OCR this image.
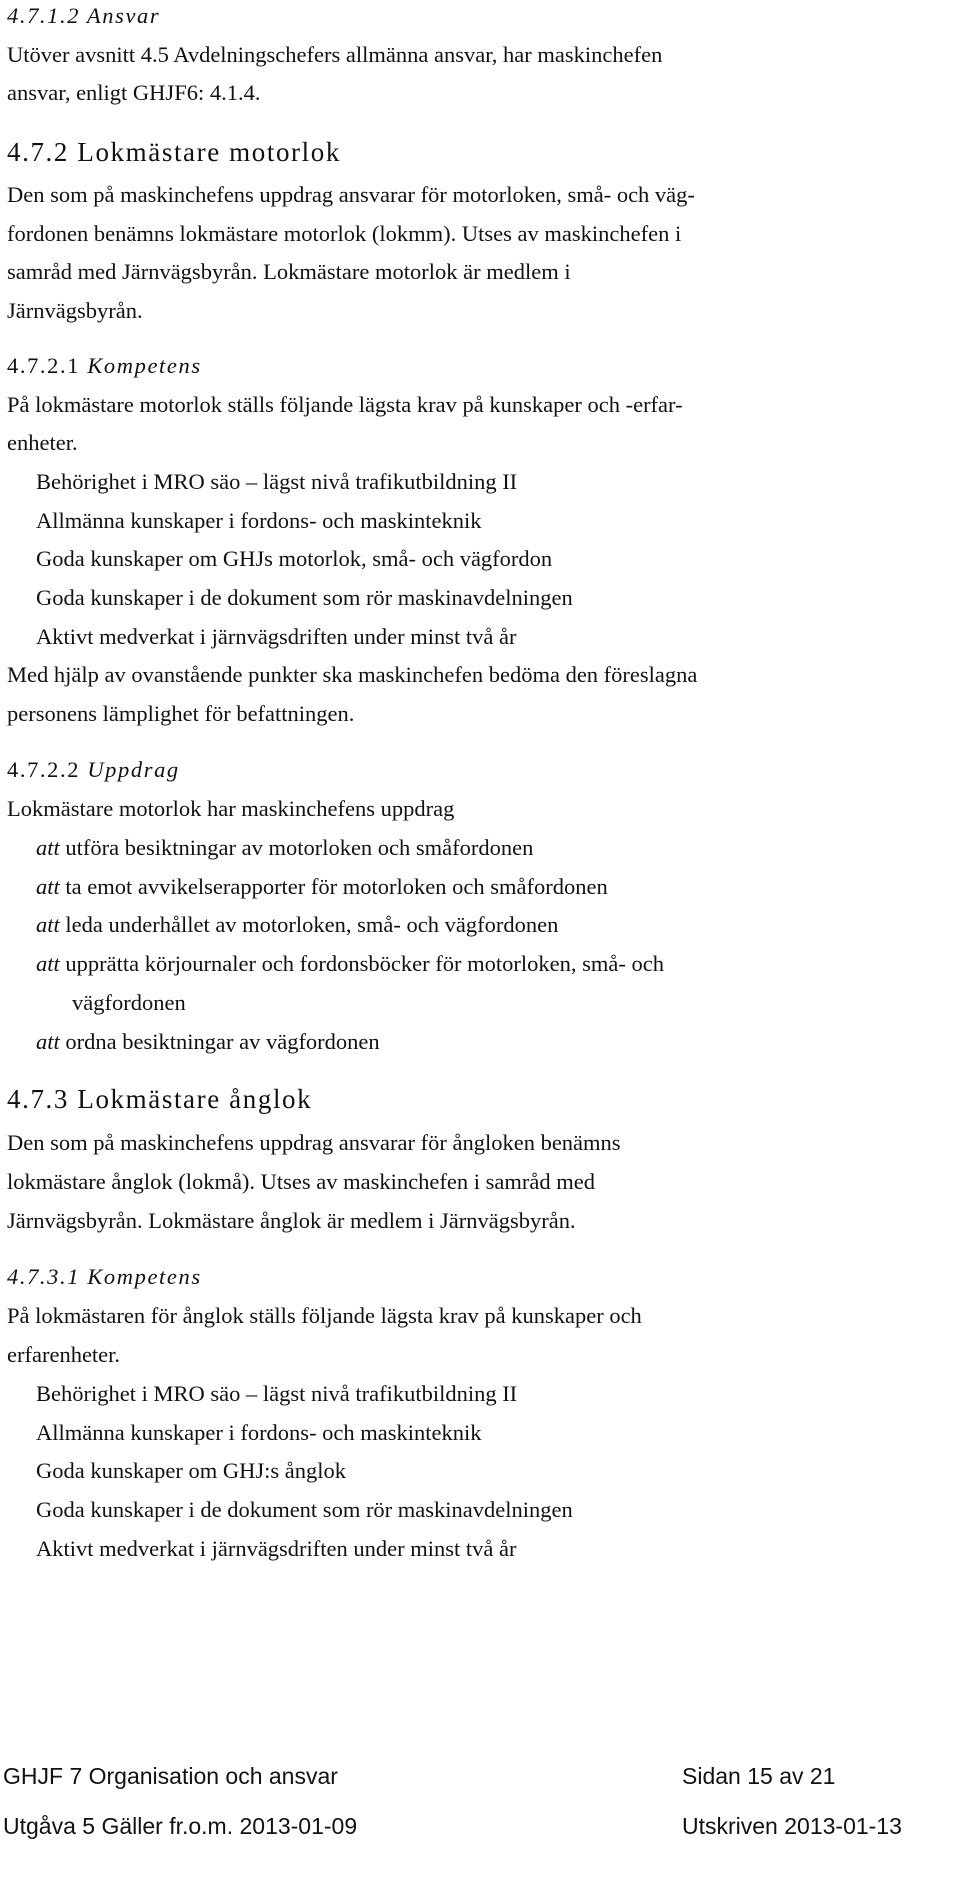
4.7.1.2 Ansvar
Utöver avsnitt 4.5 Avdelningschefers allmänna ansvar, har maskinchefen
ansvar, enligt GHJF6: 4.1.4.
4.7.2 Lokmästare motorlok
Den som på maskinchefens uppdrag ansvarar för motorloken, små- och väg-
fordonen benämns lokmästare motorlok (lokmm). Utses av maskinchefen i
samråd med Järnvägsbyrån. Lokmästare motorlok är medlem i
Järnvägsbyrån.
4.7.2.1 Kompetens
På lokmästare motorlok ställs följande lägsta krav på kunskaper och -erfar-
enheter.
Behörighet i MRO säo – lägst nivå trafikutbildning II
Allmänna kunskaper i fordons- och maskinteknik
Goda kunskaper om GHJs motorlok, små- och vägfordon
Goda kunskaper i de dokument som rör maskinavdelningen
Aktivt medverkat i järnvägsdriften under minst två år
Med hjälp av ovanstående punkter ska maskinchefen bedöma den föreslagna
personens lämplighet för befattningen.
4.7.2.2 Uppdrag
Lokmästare motorlok har maskinchefens uppdrag
att utföra besiktningar av motorloken och småfordonen
att ta emot avvikelserapporter för motorloken och småfordonen
att leda underhållet av motorloken, små- och vägfordonen
att upprätta körjournaler och fordonsböcker för motorloken, små- och
vägfordonen
att ordna besiktningar av vägfordonen
4.7.3 Lokmästare ånglok
Den som på maskinchefens uppdrag ansvarar för ångloken benämns
lokmästare ånglok (lokmå). Utses av maskinchefen i samråd med
Järnvägsbyrån. Lokmästare ånglok är medlem i Järnvägsbyrån.
4.7.3.1 Kompetens
På lokmästaren för ånglok ställs följande lägsta krav på kunskaper och
erfarenheter.
Behörighet i MRO säo – lägst nivå trafikutbildning II
Allmänna kunskaper i fordons- och maskinteknik
Goda kunskaper om GHJ:s ånglok
Goda kunskaper i de dokument som rör maskinavdelningen
Aktivt medverkat i järnvägsdriften under minst två år
GHJF 7 Organisation och ansvar	Sidan 15 av 21
Utgåva 5 Gäller fr.o.m. 2013-01-09	Utskriven 2013-01-13
